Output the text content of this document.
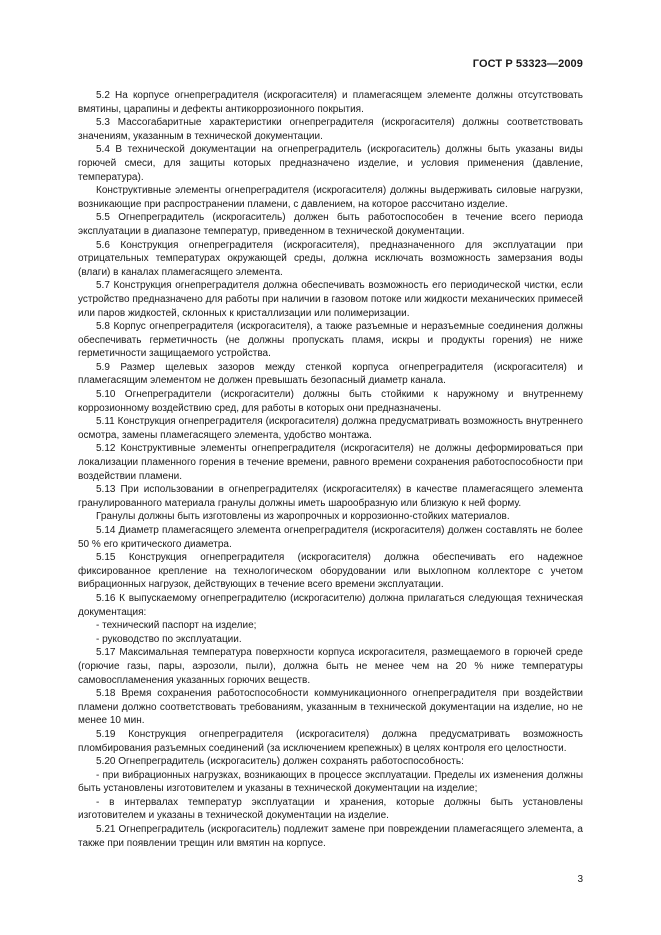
ГОСТ Р 53323—2009

5.2 На корпусе огнепреградителя (искрогасителя) и пламегасящем элементе должны отсутствовать вмятины, царапины и дефекты антикоррозионного покрытия.

5.3 Массогабаритные характеристики огнепреградителя (искрогасителя) должны соответствовать значениям, указанным в технической документации.

5.4 В технической документации на огнепреградитель (искрогаситель) должны быть указаны виды горючей смеси, для защиты которых предназначено изделие, и условия применения (давление, температура).

Конструктивные элементы огнепреградителя (искрогасителя) должны выдерживать силовые нагрузки, возникающие при распространении пламени, с давлением, на которое рассчитано изделие.

5.5 Огнепреградитель (искрогаситель) должен быть работоспособен в течение всего периода эксплуатации в диапазоне температур, приведенном в технической документации.

5.6 Конструкция огнепреградителя (искрогасителя), предназначенного для эксплуатации при отрицательных температурах окружающей среды, должна исключать возможность замерзания воды (влаги) в каналах пламегасящего элемента.

5.7 Конструкция огнепреградителя должна обеспечивать возможность его периодической чистки, если устройство предназначено для работы при наличии в газовом потоке или жидкости механических примесей или паров жидкостей, склонных к кристаллизации или полимеризации.

5.8 Корпус огнепреградителя (искрогасителя), а также разъемные и неразъемные соединения должны обеспечивать герметичность (не должны пропускать пламя, искры и продукты горения) не ниже герметичности защищаемого устройства.

5.9 Размер щелевых зазоров между стенкой корпуса огнепреградителя (искрогасителя) и пламегасящим элементом не должен превышать безопасный диаметр канала.

5.10 Огнепреградители (искрогасители) должны быть стойкими к наружному и внутреннему коррозионному воздействию сред, для работы в которых они предназначены.

5.11 Конструкция огнепреградителя (искрогасителя) должна предусматривать возможность внутреннего осмотра, замены пламегасящего элемента, удобство монтажа.

5.12 Конструктивные элементы огнепреградителя (искрогасителя) не должны деформироваться при локализации пламенного горения в течение времени, равного времени сохранения работоспособности при воздействии пламени.

5.13 При использовании в огнепреградителях (искрогасителях) в качестве пламегасящего элемента гранулированного материала гранулы должны иметь шарообразную или близкую к ней форму.

Гранулы должны быть изготовлены из жаропрочных и коррозионно-стойких материалов.

5.14 Диаметр пламегасящего элемента огнепреградителя (искрогасителя) должен составлять не более 50 % его критического диаметра.

5.15 Конструкция огнепреградителя (искрогасителя) должна обеспечивать его надежное фиксированное крепление на технологическом оборудовании или выхлопном коллекторе с учетом вибрационных нагрузок, действующих в течение всего времени эксплуатации.

5.16 К выпускаемому огнепреградителю (искрогасителю) должна прилагаться следующая техническая документация:

- технический паспорт на изделие;

- руководство по эксплуатации.

5.17 Максимальная температура поверхности корпуса искрогасителя, размещаемого в горючей среде (горючие газы, пары, аэрозоли, пыли), должна быть не менее чем на 20 % ниже температуры самовоспламенения указанных горючих веществ.

5.18 Время сохранения работоспособности коммуникационного огнепреградителя при воздействии пламени должно соответствовать требованиям, указанным в технической документации на изделие, но не менее 10 мин.

5.19 Конструкция огнепреградителя (искрогасителя) должна предусматривать возможность пломбирования разъемных соединений (за исключением крепежных) в целях контроля его целостности.

5.20 Огнепреградитель (искрогаситель) должен сохранять работоспособность:

- при вибрационных нагрузках, возникающих в процессе эксплуатации. Пределы их изменения должны быть установлены изготовителем и указаны в технической документации на изделие;

- в интервалах температур эксплуатации и хранения, которые должны быть установлены изготовителем и указаны в технической документации на изделие.

5.21 Огнепреградитель (искрогаситель) подлежит замене при повреждении пламегасящего элемента, а также при появлении трещин или вмятин на корпусе.

3
